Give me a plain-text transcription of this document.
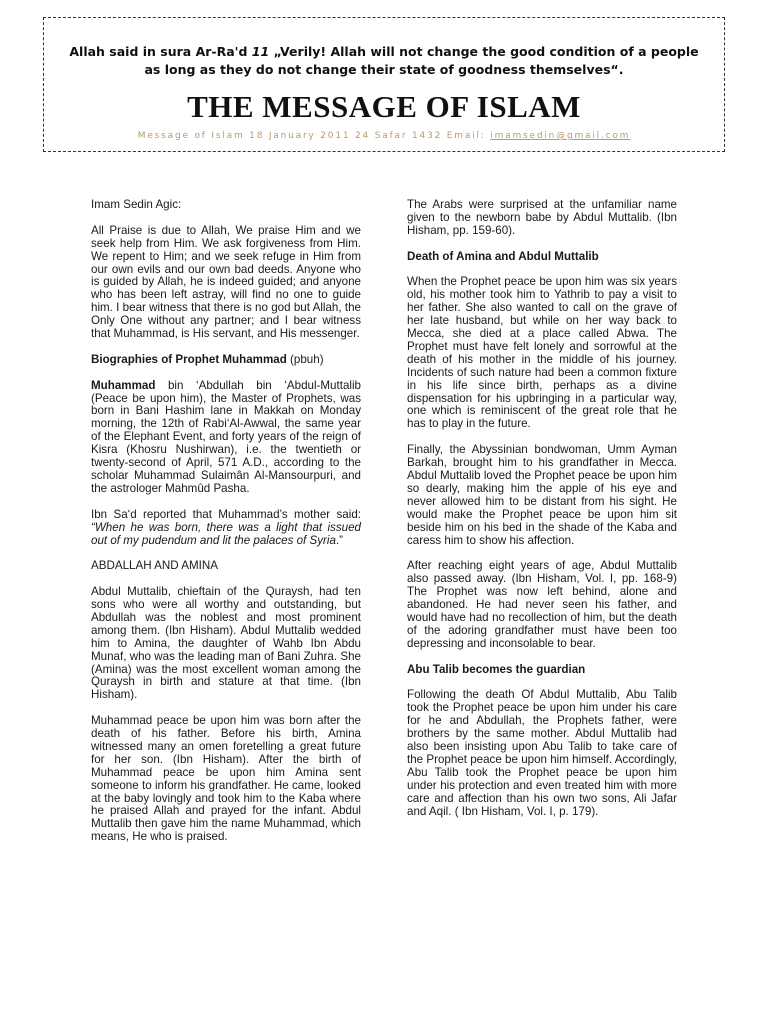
Allah said in sura Ar-Ra'd 11 „Verily! Allah will not change the good condition of a people as long as they do not change their state of goodness themselves“.
THE MESSAGE OF ISLAM
Message of Islam 18 January 2011 24 Safar 1432 Email: imamsedin@gmail.com

Imam Sedin Agic:

All Praise is due to Allah, We praise Him and we seek help from Him. We ask forgiveness from Him. We repent to Him; and we seek refuge in Him from our own evils and our own bad deeds. Anyone who is guided by Allah, he is indeed guided; and anyone who has been left astray, will find no one to guide him. I bear witness that there is no god but Allah, the Only One without any partner; and I bear witness that Muhammad, is His servant, and His messenger.

Biographies of Prophet Muhammad (pbuh)

Muhammad bin ‘Abdullah bin ‘Abdul-Muttalib (Peace be upon him), the Master of Prophets, was born in Bani Hashim lane in Makkah on Monday morning, the 12th of Rabi‘Al-Awwal, the same year of the Elephant Event, and forty years of the reign of Kisra (Khosru Nushirwan), i.e. the twentieth or twenty-second of April, 571 A.D., according to the scholar Muhammad Sulaimân Al-Mansourpuri, and the astrologer Mahmûd Pasha.

Ibn Sa‘d reported that Muhammad’s mother said: “When he was born, there was a light that issued out of my pudendum and lit the palaces of Syria.”

ABDALLAH AND AMINA

Abdul Muttalib, chieftain of the Quraysh, had ten sons who were all worthy and outstanding, but Abdullah was the noblest and most prominent among them. (Ibn Hisham). Abdul Muttalib wedded him to Amina, the daughter of Wahb Ibn Abdu Munaf, who was the leading man of Bani Zuhra. She (Amina) was the most excellent woman among the Quraysh in birth and stature at that time. (Ibn Hisham).

Muhammad peace be upon him was born after the death of his father. Before his birth, Amina witnessed many an omen foretelling a great future for her son. (Ibn Hisham). After the birth of Muhammad peace be upon him Amina sent someone to inform his grandfather. He came, looked at the baby lovingly and took him to the Kaba where he praised Allah and prayed for the infant. Abdul Muttalib then gave him the name Muhammad, which means, He who is praised.

The Arabs were surprised at the unfamiliar name given to the newborn babe by Abdul Muttalib. (Ibn Hisham, pp. 159-60).

Death of Amina and Abdul Muttalib

When the Prophet peace be upon him was six years old, his mother took him to Yathrib to pay a visit to her father. She also wanted to call on the grave of her late husband, but while on her way back to Mecca, she died at a place called Abwa. The Prophet must have felt lonely and sorrowful at the death of his mother in the middle of his journey. Incidents of such nature had been a common fixture in his life since birth, perhaps as a divine dispensation for his upbringing in a particular way, one which is reminiscent of the great role that he has to play in the future.

Finally, the Abyssinian bondwoman, Umm Ayman Barkah, brought him to his grandfather in Mecca. Abdul Muttalib loved the Prophet peace be upon him so dearly, making him the apple of his eye and never allowed him to be distant from his sight. He would make the Prophet peace be upon him sit beside him on his bed in the shade of the Kaba and caress him to show his affection.

After reaching eight years of age, Abdul Muttalib also passed away. (Ibn Hisham, Vol. I, pp. 168-9) The Prophet was now left behind, alone and abandoned. He had never seen his father, and would have had no recollection of him, but the death of the adoring grandfather must have been too depressing and inconsolable to bear.

Abu Talib becomes the guardian

Following the death Of Abdul Muttalib, Abu Talib took the Prophet peace be upon him under his care for he and Abdullah, the Prophets father, were brothers by the same mother. Abdul Muttalib had also been insisting upon Abu Talib to take care of the Prophet peace be upon him himself. Accordingly, Abu Talib took the Prophet peace be upon him under his protection and even treated him with more care and affection than his own two sons, Ali Jafar and Aqil. ( Ibn Hisham, Vol. I, p. 179).
